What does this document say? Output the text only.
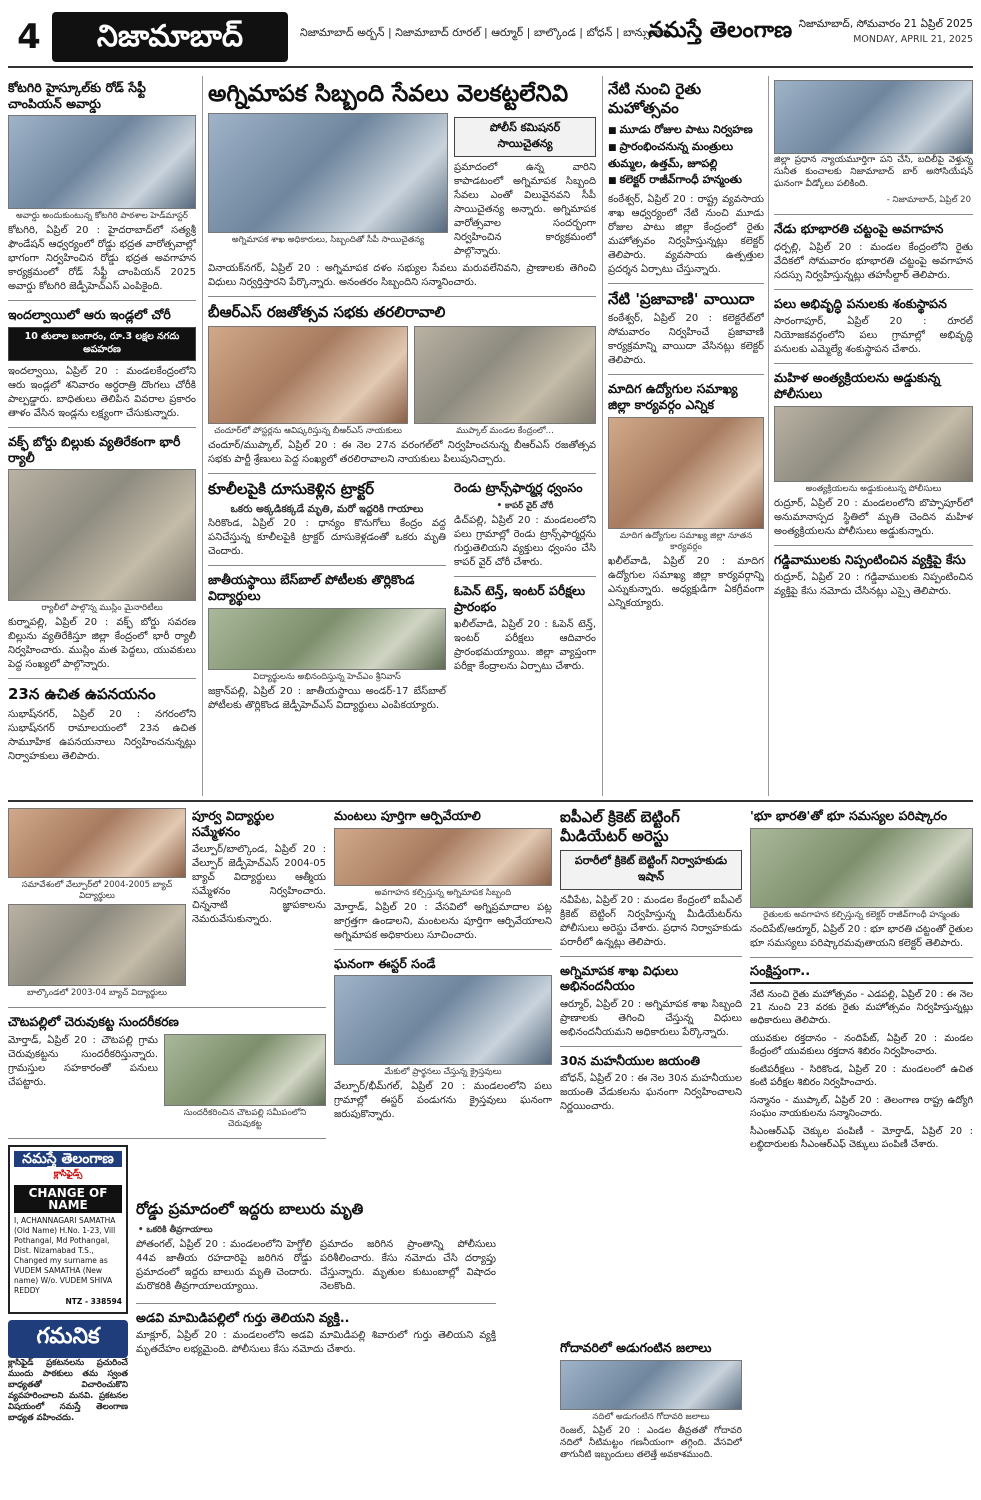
4	నిజామాబాద్	నిజామాబాద్ అర్బన్ | నిజామాబాద్ రూరల్ | ఆర్మూర్ | బాల్కొండ | బోధన్ | బాన్సువాడ
నమస్తే తెలంగాణ నిజామాబాద్, సోమవారం 21 ఏప్రిల్ 2025
MONDAY, APRIL 21, 2025
కోటగిరి హైస్కూల్‌కు రోడ్ సేఫ్టీ చాంపియన్ అవార్డు
అవార్డు అందుకుంటున్న కోటగిరి పాఠశాల హెడ్‌మాస్టర్

కోటగిరి, ఏప్రిల్ 20 : హైదరాబాద్‌లో సత్యశ్రీ ఫౌండేషన్ ఆధ్వర్యంలో రోడ్డు భద్రత వారోత్సవాల్లో భాగంగా నిర్వహించిన రోడ్డు భద్రత అవగాహన కార్యక్రమంలో రోడ్ సేఫ్టీ చాంపియన్ 2025 అవార్డు కోటగిరి జెడ్పీహెచ్ఎస్ ఎంపికైంది.

ఇందల్వాయిలో ఆరు ఇండ్లలో చోరీ
10 తులాల బంగారం, రూ.3 లక్షల నగదు అపహరణ

ఇందల్వాయి, ఏప్రిల్ 20 : మండలకేంద్రంలోని ఆరు ఇండ్లలో శనివారం అర్ధరాత్రి దొంగలు చోరీకి పాల్పడ్డారు. బాధితులు తెలిపిన వివరాల ప్రకారం తాళం వేసిన ఇండ్లను లక్ష్యంగా చేసుకున్నారు.

వక్ఫ్ బోర్డు బిల్లుకు వ్యతిరేకంగా భారీ ర్యాలీ
ర్యాలీలో పాల్గొన్న ముస్లిం మైనారిటీలు

కుర్నాపల్లి, ఏప్రిల్ 20 : వక్ఫ్ బోర్డు సవరణ బిల్లును వ్యతిరేకిస్తూ జిల్లా కేంద్రంలో భారీ ర్యాలీ నిర్వహించారు. ముస్లిం మత పెద్దలు, యువకులు పెద్ద సంఖ్యలో పాల్గొన్నారు.

23న ఉచిత ఉపనయనం

సుభాష్‌నగర్, ఏప్రిల్ 20 : నగరంలోని సుభాష్‌నగర్ రామాలయంలో 23న ఉచిత సామూహిక ఉపనయనాలు నిర్వహించనున్నట్లు నిర్వాహకులు తెలిపారు.

అగ్నిమాపక సిబ్బంది సేవలు వెలకట్టలేనివి
అగ్నిమాపక శాఖ అధికారులు, సిబ్బందితో సీపీ సాయిచైతన్య
పోలీస్ కమిషనర్ సాయిచైతన్య

ప్రమాదంలో ఉన్న వారిని కాపాడటంలో అగ్నిమాపక సిబ్బంది సేవలు ఎంతో విలువైనవని సీపీ సాయిచైతన్య అన్నారు. అగ్నిమాపక వారోత్సవాల సందర్భంగా నిర్వహించిన కార్యక్రమంలో పాల్గొన్నారు.

వినాయక్‌నగర్, ఏప్రిల్ 20 : అగ్నిమాపక దళం సభ్యుల సేవలు మరువలేనివని, ప్రాణాలకు తెగించి విధులు నిర్వర్తిస్తారని పేర్కొన్నారు. అనంతరం సిబ్బందిని సన్మానించారు.

బీఆర్ఎస్ రజతోత్సవ సభకు తరలిరావాలి
చందూర్‌లో పోస్టర్లను ఆవిష్కరిస్తున్న బీఆర్ఎస్ నాయకులు	ముప్కాల్ మండల కేంద్రంలో...

చందూర్/ముప్కాల్, ఏప్రిల్ 20 : ఈ నెల 27న వరంగల్‌లో నిర్వహించనున్న బీఆర్ఎస్ రజతోత్సవ సభకు పార్టీ శ్రేణులు పెద్ద సంఖ్యలో తరలిరావాలని నాయకులు పిలుపునిచ్చారు.

కూలీలపైకి దూసుకెళ్లిన ట్రాక్టర్
ఒకరు అక్కడికక్కడే మృతి, మరో ఇద్దరికి గాయాలు

సిరికొండ, ఏప్రిల్ 20 : ధాన్యం కొనుగోలు కేంద్రం వద్ద పనిచేస్తున్న కూలీలపైకి ట్రాక్టర్ దూసుకెళ్లడంతో ఒకరు మృతి చెందారు.

జాతీయస్థాయి బేస్‌బాల్ పోటీలకు తొర్లికొండ విద్యార్థులు
విద్యార్థులను అభినందిస్తున్న హెచ్ఎం శ్రీనివాస్

జక్రాన్‌పల్లి, ఏప్రిల్ 20 : జాతీయస్థాయి అండర్-17 బేస్‌బాల్ పోటీలకు తొర్లికొండ జెడ్పీహెచ్ఎస్ విద్యార్థులు ఎంపికయ్యారు.

రెండు ట్రాన్స్‌ఫార్మర్ల ధ్వంసం
• కాపర్ వైర్ చోరీ

డిచ్‌పల్లి, ఏప్రిల్ 20 : మండలంలోని పలు గ్రామాల్లో రెండు ట్రాన్స్‌ఫార్మర్లను గుర్తుతెలియని వ్యక్తులు ధ్వంసం చేసి కాపర్ వైర్ చోరీ చేశారు.

ఓపెన్ టెన్త్, ఇంటర్ పరీక్షలు ప్రారంభం

ఖలీల్‌వాడి, ఏప్రిల్ 20 : ఓపెన్ టెన్త్, ఇంటర్ పరీక్షలు ఆదివారం ప్రారంభమయ్యాయి. జిల్లా వ్యాప్తంగా పరీక్షా కేంద్రాలను ఏర్పాటు చేశారు.

నేటి నుంచి రైతు మహోత్సవం
■ మూడు రోజుల పాటు నిర్వహణ
■ ప్రారంభించనున్న మంత్రులు తుమ్మల, ఉత్తమ్, జూపల్లి
■ కలెక్టర్ రాజీవ్‌గాంధీ హన్మంతు

కంఠేశ్వర్, ఏప్రిల్ 20 : రాష్ట్ర వ్యవసాయ శాఖ ఆధ్వర్యంలో నేటి నుంచి మూడు రోజుల పాటు జిల్లా కేంద్రంలో రైతు మహోత్సవం నిర్వహిస్తున్నట్లు కలెక్టర్ తెలిపారు. వ్యవసాయ ఉత్పత్తుల ప్రదర్శన ఏర్పాటు చేస్తున్నారు.

నేటి 'ప్రజావాణి' వాయిదా

కంఠేశ్వర్, ఏప్రిల్ 20 : కలెక్టరేట్‌లో సోమవారం నిర్వహించే ప్రజావాణి కార్యక్రమాన్ని వాయిదా వేసినట్లు కలెక్టర్ తెలిపారు.

మాదిగ ఉద్యోగుల సమాఖ్య జిల్లా కార్యవర్గం ఎన్నిక
మాదిగ ఉద్యోగుల సమాఖ్య జిల్లా నూతన కార్యవర్గం

ఖలీల్‌వాడి, ఏప్రిల్ 20 : మాదిగ ఉద్యోగుల సమాఖ్య జిల్లా కార్యవర్గాన్ని ఎన్నుకున్నారు. అధ్యక్షుడిగా ఏకగ్రీవంగా ఎన్నికయ్యారు.

జిల్లా ప్రధాన న్యాయమూర్తిగా పని చేసి, బదిలీపై వెళ్తున్న సునీత కుంచాలకు నిజామాబాద్ బార్ అసోసియేషన్ ఘనంగా వీడ్కోలు పలికింది.

- నిజామాబాద్, ఏప్రిల్ 20
నేడు భూభారతి చట్టంపై అవగాహన

ధర్పల్లి, ఏప్రిల్ 20 : మండల కేంద్రంలోని రైతు వేదికలో సోమవారం భూభారతి చట్టంపై అవగాహన సదస్సు నిర్వహిస్తున్నట్లు తహసీల్దార్ తెలిపారు.

పలు అభివృద్ధి పనులకు శంకుస్థాపన

సారంగాపూర్, ఏప్రిల్ 20 : రూరల్ నియోజకవర్గంలోని పలు గ్రామాల్లో అభివృద్ధి పనులకు ఎమ్మెల్యే శంకుస్థాపన చేశారు.

మహిళ అంత్యక్రియలను అడ్డుకున్న పోలీసులు
అంత్యక్రియలను అడ్డుకుంటున్న పోలీసులు

రుద్రూర్, ఏప్రిల్ 20 : మండలంలోని బొప్పాపూర్‌లో అనుమానాస్పద స్థితిలో మృతి చెందిన మహిళ అంత్యక్రియలను పోలీసులు అడ్డుకున్నారు.

గడ్డివాములకు నిప్పంటించిన వ్యక్తిపై కేసు

రుద్రూర్, ఏప్రిల్ 20 : గడ్డివాములకు నిప్పంటించిన వ్యక్తిపై కేసు నమోదు చేసినట్లు ఎస్సై తెలిపారు.

సమావేశంలో వేల్పూర్‌లో 2004-2005 బ్యాచ్ విద్యార్థులు
బాల్కొండలో 2003-04 బ్యాచ్ విద్యార్థులు
పూర్వ విద్యార్థుల సమ్మేళనం

వేల్పూర్/బాల్కొండ, ఏప్రిల్ 20 : వేల్పూర్ జెడ్పీహెచ్ఎస్ 2004-05 బ్యాచ్ విద్యార్థులు ఆత్మీయ సమ్మేళనం నిర్వహించారు. చిన్ననాటి జ్ఞాపకాలను నెమరువేసుకున్నారు.

చౌటపల్లిలో చెరువుకట్ట సుందరీకరణ

మోర్తాడ్, ఏప్రిల్ 20 : చౌటపల్లి గ్రామ చెరువుకట్టను సుందరీకరిస్తున్నారు. గ్రామస్తుల సహకారంతో పనులు చేపట్టారు.

సుందరీకరించిన చౌటపల్లి సమీపంలోని చెరువుకట్ట
నమస్తే తెలంగాణ
క్లాసిఫైడ్స్
CHANGE OF NAME
I, ACHANNAGARI SAMATHA (Old Name) H.No. 1-23, Vill Pothangal, Md Pothangal, Dist. Nizamabad T.S., Changed my surname as VUDEM SAMATHA (New name) W/o. VUDEM SHIVA REDDY
NTZ - 338594
గమనిక

క్లాసిఫైడ్ ప్రకటనలను ప్రచురించే ముందు పాఠకులు తమ స్వంత బాధ్యతతో విచారించుకొని వ్యవహరించాలని మనవి. ప్రకటనల విషయంలో నమస్తే తెలంగాణ బాధ్యత వహించదు.

రోడ్డు ప్రమాదంలో ఇద్దరు బాలురు మృతి
• ఒకరికి తీవ్రగాయాలు

పోతంగల్, ఏప్రిల్ 20 : మండలంలోని హెగ్డోలి 44వ జాతీయ రహదారిపై జరిగిన రోడ్డు ప్రమాదంలో ఇద్దరు బాలురు మృతి చెందారు. మరొకరికి తీవ్రగాయాలయ్యాయి.

ప్రమాదం జరిగిన ప్రాంతాన్ని పోలీసులు పరిశీలించారు. కేసు నమోదు చేసి దర్యాప్తు చేస్తున్నారు. మృతుల కుటుంబాల్లో విషాదం నెలకొంది.

అడవి మామిడిపల్లిలో గుర్తు తెలియని వ్యక్తి..

మాక్లూర్, ఏప్రిల్ 20 : మండలంలోని అడవి మామిడిపల్లి శివారులో గుర్తు తెలియని వ్యక్తి మృతదేహం లభ్యమైంది. పోలీసులు కేసు నమోదు చేశారు.

మంటలు పూర్తిగా ఆర్పివేయాలి
అవగాహన కల్పిస్తున్న అగ్నిమాపక సిబ్బంది

మోర్తాడ్, ఏప్రిల్ 20 : వేసవిలో అగ్నిప్రమాదాల పట్ల జాగ్రత్తగా ఉండాలని, మంటలను పూర్తిగా ఆర్పివేయాలని అగ్నిమాపక అధికారులు సూచించారు.

ఘనంగా ఈస్టర్ సండే
మేకులో ప్రార్థనలు చేస్తున్న క్రైస్తవులు

వేల్పూర్/భీమ్‌గల్, ఏప్రిల్ 20 : మండలంలోని పలు గ్రామాల్లో ఈస్టర్ పండుగను క్రైస్తవులు ఘనంగా జరుపుకొన్నారు.

ఐపీఎల్ క్రికెట్ బెట్టింగ్ మీడియేటర్ అరెస్టు
పరారీలో క్రికెట్ బెట్టింగ్ నిర్వాహకుడు ఇషాన్

నవీపేట, ఏప్రిల్ 20 : మండల కేంద్రంలో ఐపీఎల్ క్రికెట్ బెట్టింగ్ నిర్వహిస్తున్న మీడియేటర్‌ను పోలీసులు అరెస్టు చేశారు. ప్రధాన నిర్వాహకుడు పరారీలో ఉన్నట్లు తెలిపారు.

అగ్నిమాపక శాఖ విధులు అభినందనీయం

ఆర్మూర్, ఏప్రిల్ 20 : అగ్నిమాపక శాఖ సిబ్బంది ప్రాణాలకు తెగించి చేస్తున్న విధులు అభినందనీయమని అధికారులు పేర్కొన్నారు.

30న మహనీయుల జయంతి

బోధన్, ఏప్రిల్ 20 : ఈ నెల 30న మహనీయుల జయంతి వేడుకలను ఘనంగా నిర్వహించాలని నిర్ణయించారు.

'భూ భారతి'తో భూ సమస్యల పరిష్కారం
రైతులకు అవగాహన కల్పిస్తున్న కలెక్టర్ రాజీవ్‌గాంధీ హన్మంతు

నందిపేట్/ఆర్మూర్, ఏప్రిల్ 20 : భూ భారతి చట్టంతో రైతుల భూ సమస్యలు పరిష్కారమవుతాయని కలెక్టర్ తెలిపారు.

సంక్షిప్తంగా..
నేటి నుంచి రైతు మహోత్సవం - ఎడపల్లి, ఏప్రిల్ 20 : ఈ నెల 21 నుంచి 23 వరకు రైతు మహోత్సవం నిర్వహిస్తున్నట్లు అధికారులు తెలిపారు.
యువకుల రక్తదానం - నందిపేట్, ఏప్రిల్ 20 : మండల కేంద్రంలో యువకులు రక్తదాన శిబిరం నిర్వహించారు.
కంటిపరీక్షలు - సిరికొండ, ఏప్రిల్ 20 : మండలంలో ఉచిత కంటి పరీక్షల శిబిరం నిర్వహించారు.
సన్మానం - ముప్కాల్, ఏప్రిల్ 20 : తెలంగాణ రాష్ట్ర ఉద్యోగి సంఘం నాయకులను సన్మానించారు.
సీఎంఆర్ఎఫ్ చెక్కుల పంపిణీ - మోర్తాడ్, ఏప్రిల్ 20 : లబ్ధిదారులకు సీఎంఆర్ఎఫ్ చెక్కులు పంపిణీ చేశారు.
గోదావరిలో అడుగంటిన జలాలు
నదిలో అడుగంటిన గోదావరి జలాలు

రెంజల్, ఏప్రిల్ 20 : ఎండల తీవ్రతతో గోదావరి నదిలో నీటిమట్టం గణనీయంగా తగ్గింది. వేసవిలో తాగునీటి ఇబ్బందులు తలెత్తే అవకాశముంది.
